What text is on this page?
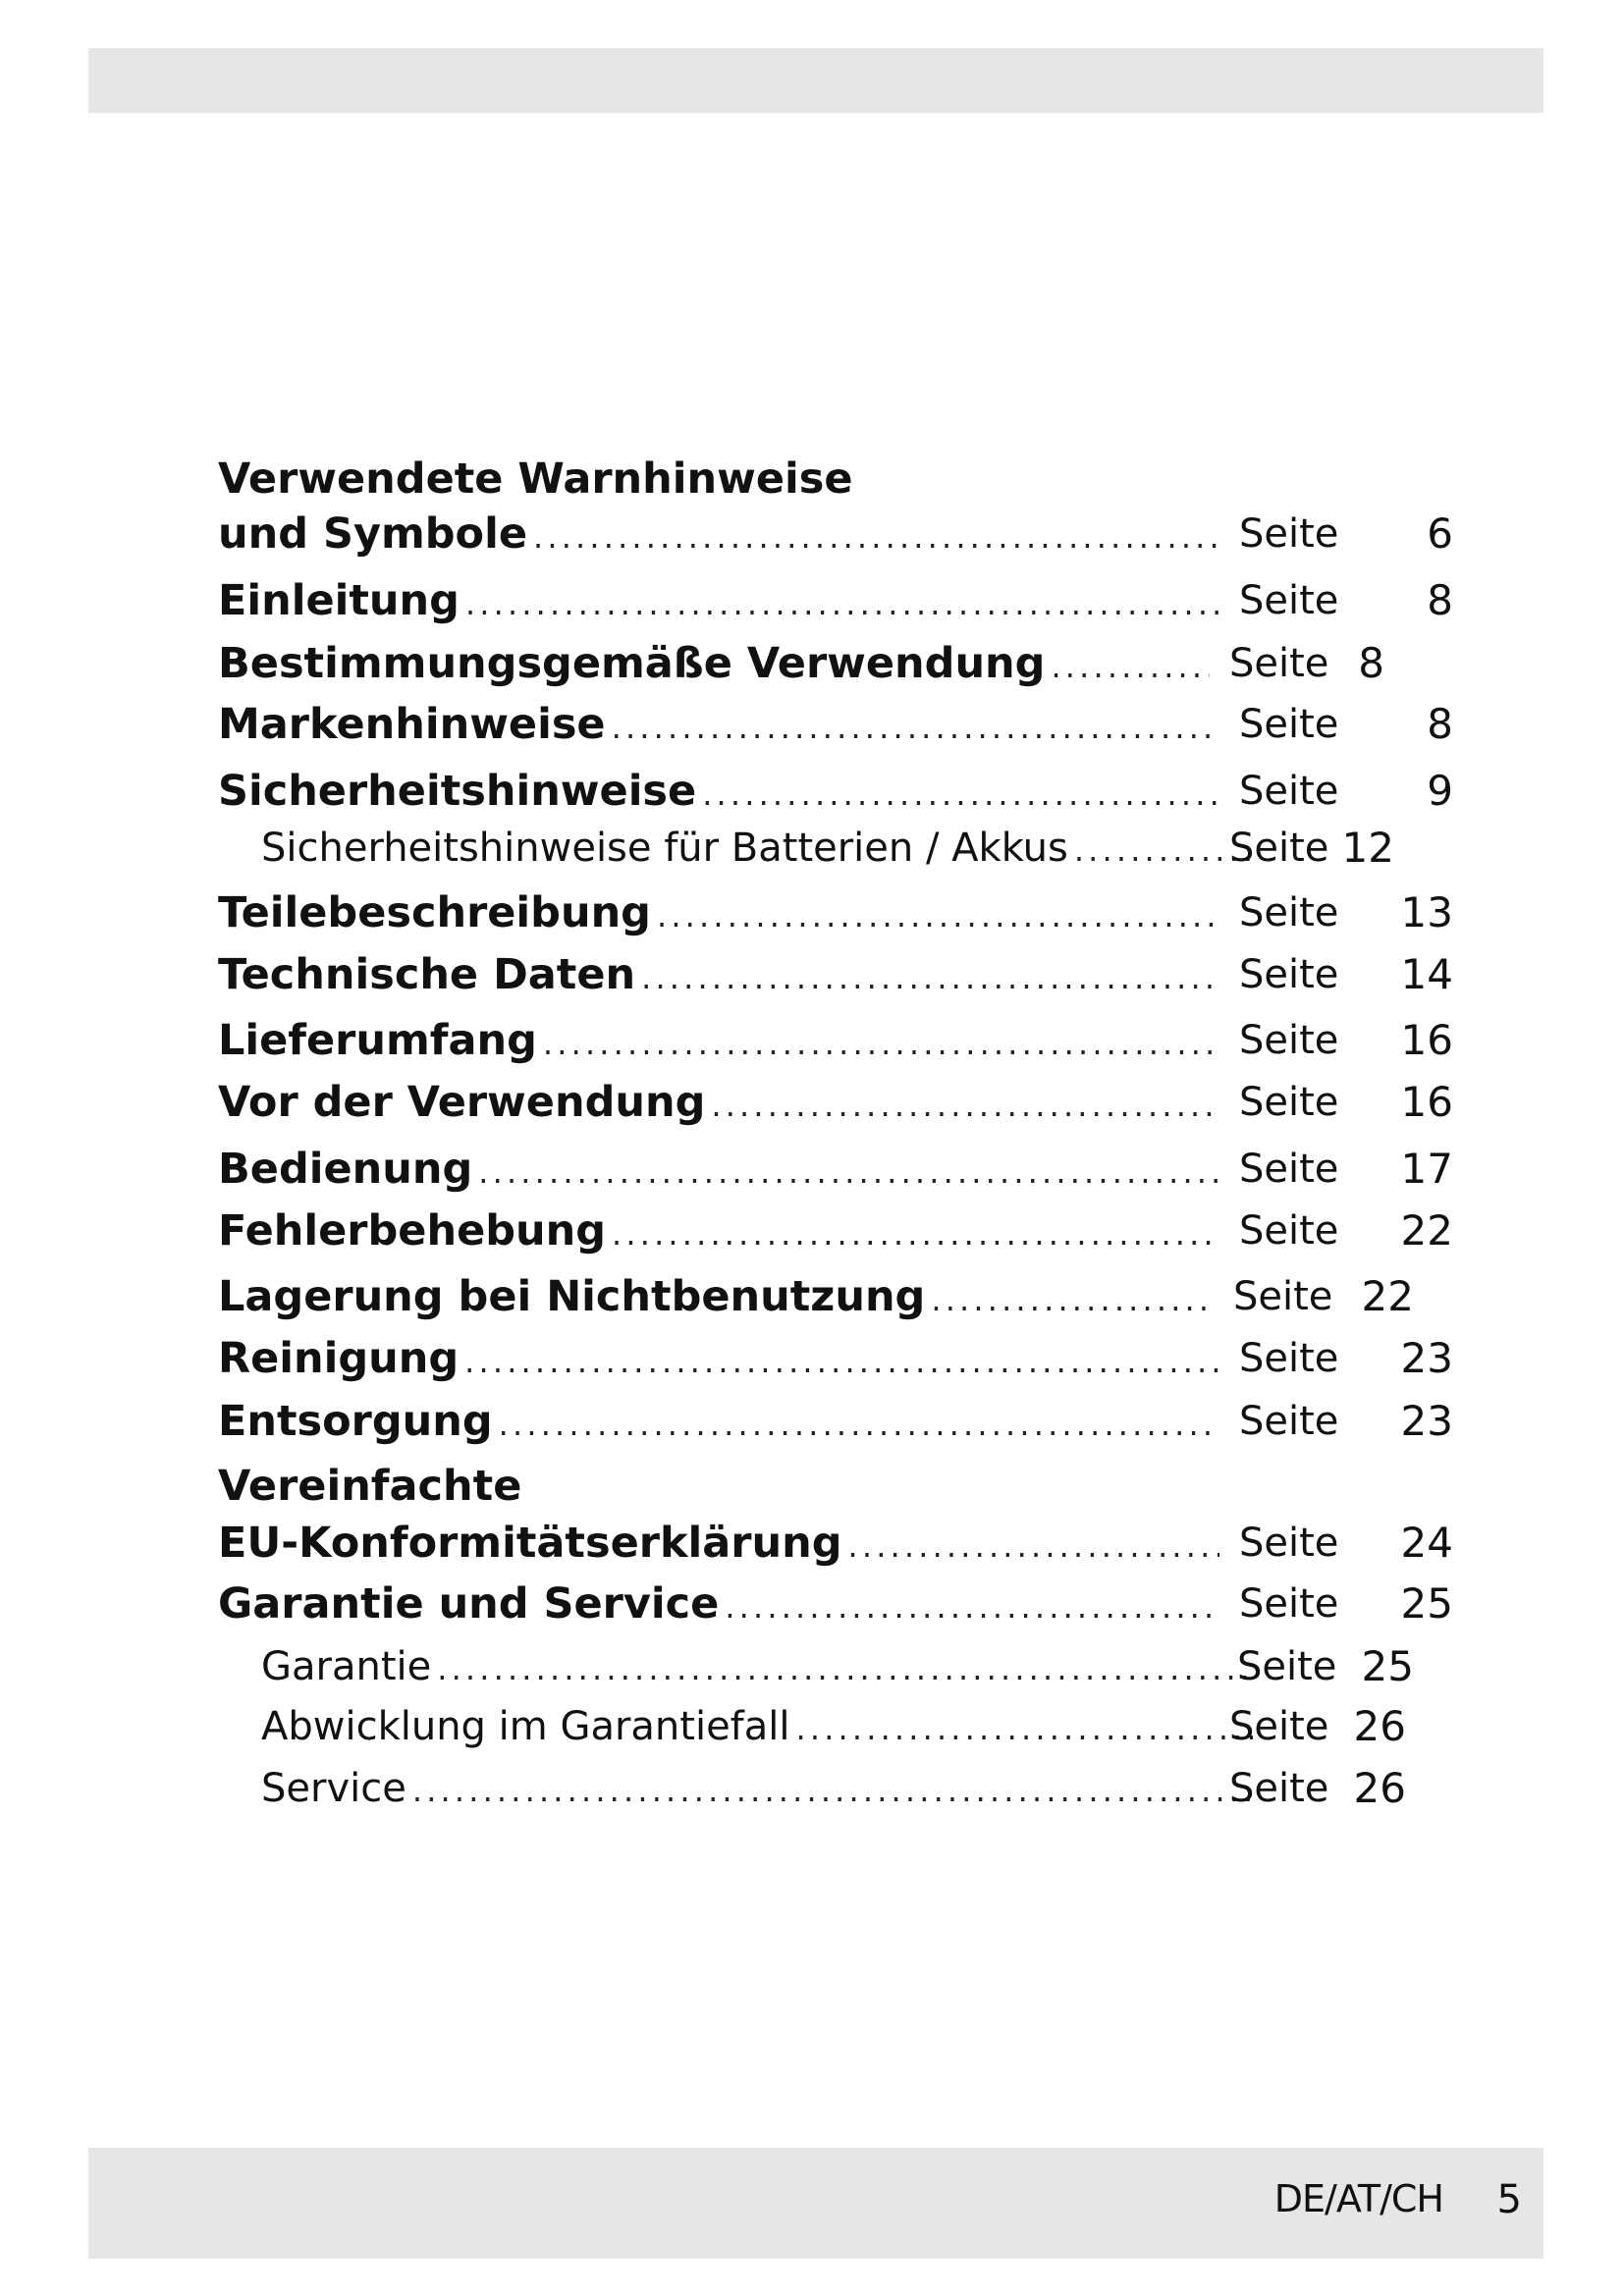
Verwendete Warnhinweise
und Symbole . . .	Seite	6
Einleitung . . .	Seite	8
Bestimmungsgemäße Verwendung . . .	Seite 8
Markenhinweise . . .	Seite	8
Sicherheitshinweise . . .	Seite	9
Sicherheitshinweise für Batterien / Akkus . . .	Seite 12
Teilebeschreibung . . .	Seite	13
Technische Daten . . .	Seite	14
Lieferumfang . . .	Seite	16
Vor der Verwendung . . .	Seite	16
Bedienung . . .	Seite	17
Fehlerbehebung . . .	Seite	22
Lagerung bei Nichtbenutzung . . .	Seite 22
Reinigung . . .	Seite	23
Entsorgung . . .	Seite	23
Vereinfachte
EU-Konformitätserklärung . . .	Seite	24
Garantie und Service . . .	Seite	25
Garantie . . .	Seite 25
Abwicklung im Garantiefall . . .	Seite 26
Service . . .	Seite 26
DE/AT/CH 5
